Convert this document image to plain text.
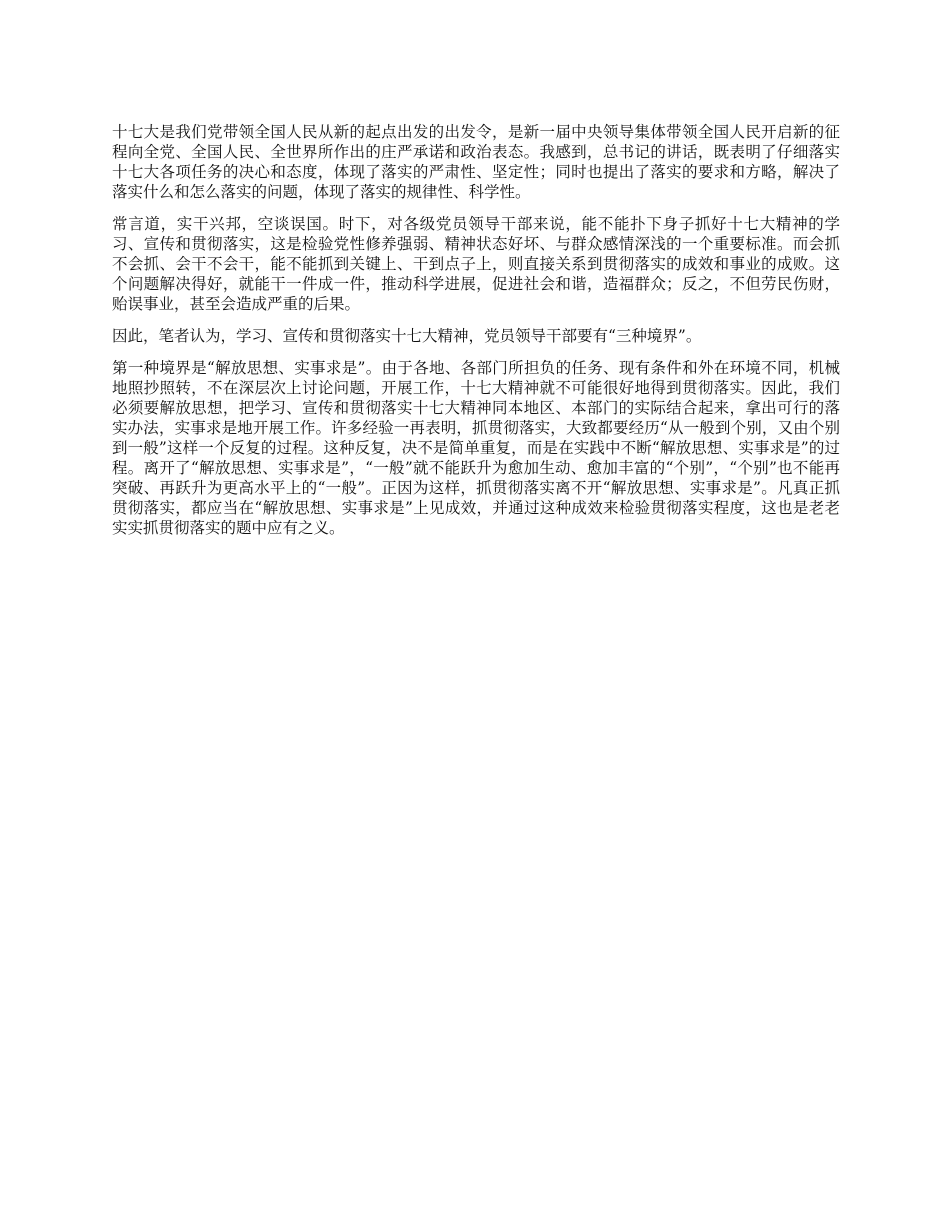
十七大是我们党带领全国人民从新的起点出发的出发令，是新一届中央领导集体带领全国人民开启新的征程向全党、全国人民、全世界所作出的庄严承诺和政治表态。我感到，总书记的讲话，既表明了仔细落实十七大各项任务的决心和态度，体现了落实的严肃性、坚定性；同时也提出了落实的要求和方略，解决了落实什么和怎么落实的问题，体现了落实的规律性、科学性。

常言道，实干兴邦，空谈误国。时下，对各级党员领导干部来说，能不能扑下身子抓好十七大精神的学习、宣传和贯彻落实，这是检验党性修养强弱、精神状态好坏、与群众感情深浅的一个重要标准。而会抓不会抓、会干不会干，能不能抓到关键上、干到点子上，则直接关系到贯彻落实的成效和事业的成败。这个问题解决得好，就能干一件成一件，推动科学进展，促进社会和谐，造福群众；反之，不但劳民伤财，贻误事业，甚至会造成严重的后果。

因此，笔者认为，学习、宣传和贯彻落实十七大精神，党员领导干部要有“三种境界”。

第一种境界是“解放思想、实事求是”。由于各地、各部门所担负的任务、现有条件和外在环境不同，机械地照抄照转，不在深层次上讨论问题，开展工作，十七大精神就不可能很好地得到贯彻落实。因此，我们必须要解放思想，把学习、宣传和贯彻落实十七大精神同本地区、本部门的实际结合起来，拿出可行的落实办法，实事求是地开展工作。许多经验一再表明，抓贯彻落实，大致都要经历“从一般到个别，又由个别到一般”这样一个反复的过程。这种反复，决不是简单重复，而是在实践中不断“解放思想、实事求是”的过程。离开了“解放思想、实事求是”，“一般”就不能跃升为愈加生动、愈加丰富的“个别”，“个别”也不能再突破、再跃升为更高水平上的“一般”。正因为这样，抓贯彻落实离不开“解放思想、实事求是”。凡真正抓贯彻落实，都应当在“解放思想、实事求是”上见成效，并通过这种成效来检验贯彻落实程度，这也是老老实实抓贯彻落实的题中应有之义。
